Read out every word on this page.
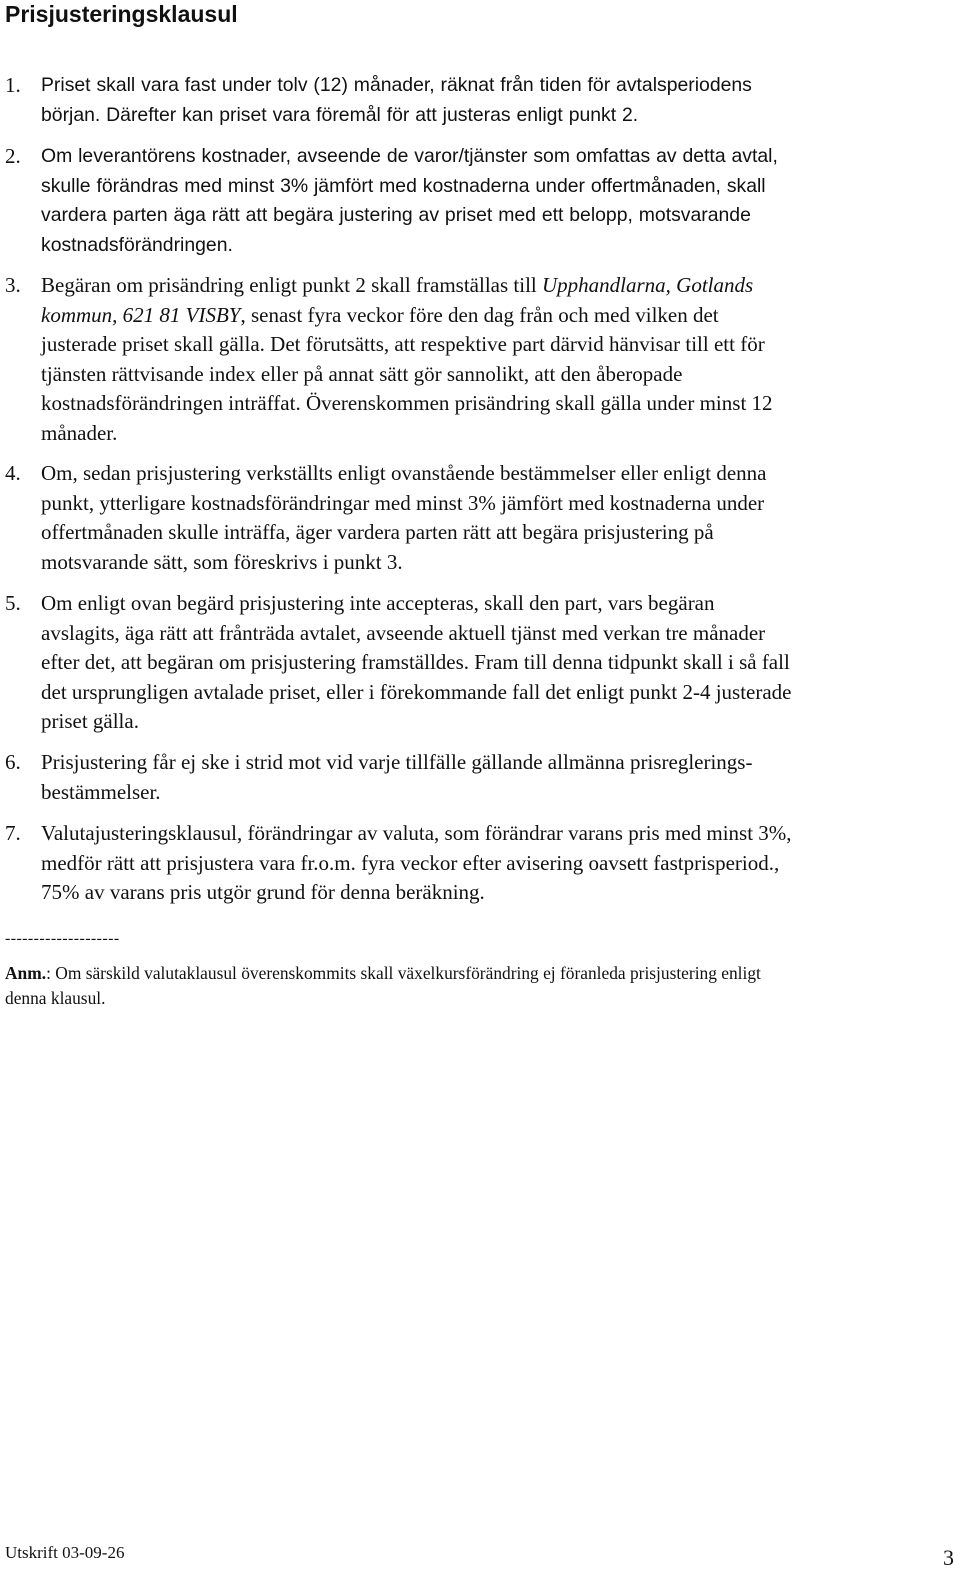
Prisjusteringsklausul
1. Priset skall vara fast under tolv (12) månader, räknat från tiden för avtalsperiodens
början. Därefter kan priset vara föremål för att justeras enligt punkt 2.
2. Om leverantörens kostnader, avseende de varor/tjänster som omfattas av detta avtal,
skulle förändras med minst 3% jämfört med kostnaderna under offertmånaden, skall
vardera parten äga rätt att begära justering av priset med ett belopp, motsvarande
kostnadsförändringen.
3. Begäran om prisändring enligt punkt 2 skall framställas till Upphandlarna, Gotlands
kommun, 621 81 VISBY, senast fyra veckor före den dag från och med vilken det
justerade priset skall gälla. Det förutsätts, att respektive part därvid hänvisar till ett för
tjänsten rättvisande index eller på annat sätt gör sannolikt, att den åberopade
kostnadsförändringen inträffat. Överenskommen prisändring skall gälla under minst 12
månader.
4. Om, sedan prisjustering verkställts enligt ovanstående bestämmelser eller enligt denna
punkt, ytterligare kostnadsförändringar med minst 3% jämfört med kostnaderna under
offertmånaden skulle inträffa, äger vardera parten rätt att begära prisjustering på
motsvarande sätt, som föreskrivs i punkt 3.
5. Om enligt ovan begärd prisjustering inte accepteras, skall den part, vars begäran
avslagits, äga rätt att frånträda avtalet, avseende aktuell tjänst med verkan tre månader
efter det, att begäran om prisjustering framställdes. Fram till denna tidpunkt skall i så fall
det ursprungligen avtalade priset, eller i förekommande fall det enligt punkt 2-4 justerade
priset gälla.
6. Prisjustering får ej ske i strid mot vid varje tillfälle gällande allmänna prisreglerings-
bestämmelser.
7. Valutajusteringsklausul, förändringar av valuta, som förändrar varans pris med minst 3%,
medför rätt att prisjustera vara fr.o.m. fyra veckor efter avisering oavsett fastprisperiod.,
75% av varans pris utgör grund för denna beräkning.
--------------------
Anm.: Om särskild valutaklausul överenskommits skall växelkursförändring ej föranleda prisjustering enligt
denna klausul.
Utskrift 03-09-26	3
